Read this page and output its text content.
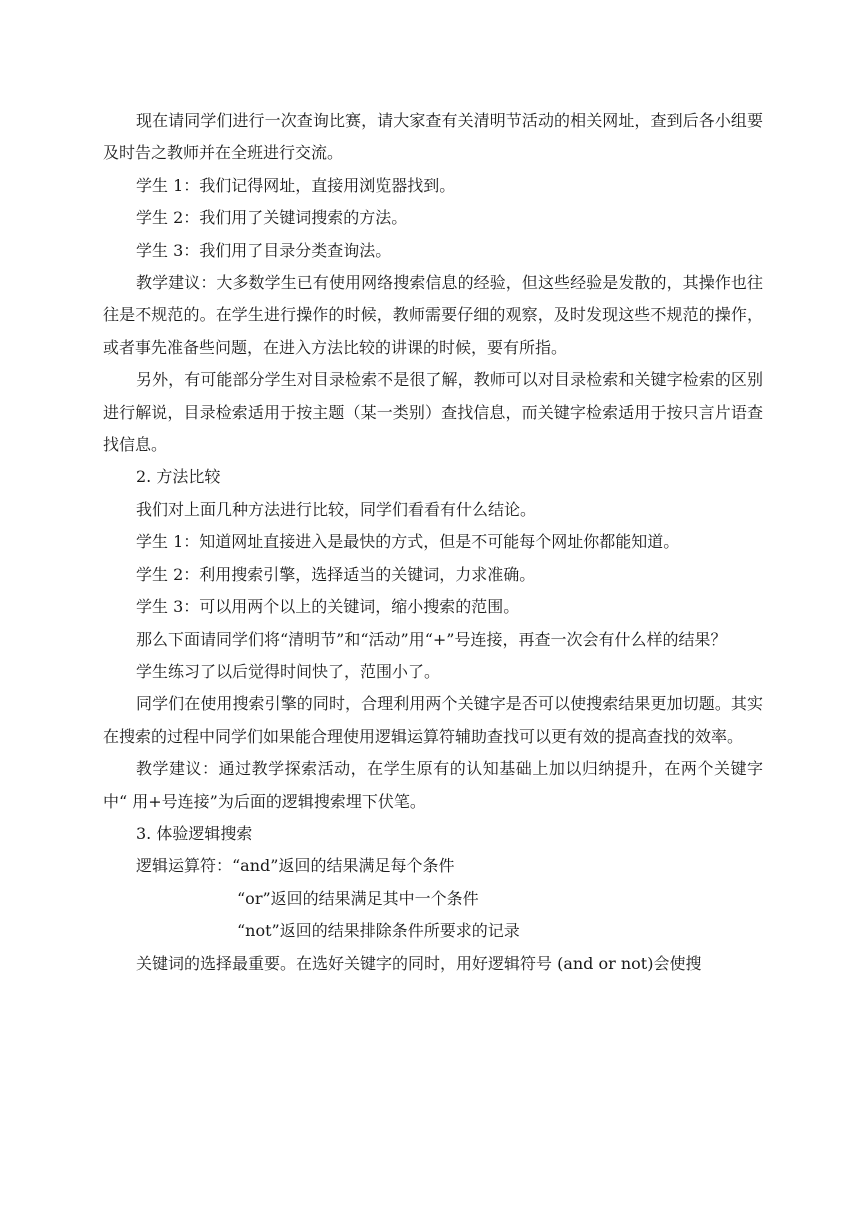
现在请同学们进行一次查询比赛，请大家查有关清明节活动的相关网址，查到后各小组要及时告之教师并在全班进行交流。

学生 1：我们记得网址，直接用浏览器找到。

学生 2：我们用了关键词搜索的方法。

学生 3：我们用了目录分类查询法。

教学建议：大多数学生已有使用网络搜索信息的经验，但这些经验是发散的，其操作也往往是不规范的。在学生进行操作的时候，教师需要仔细的观察，及时发现这些不规范的操作，或者事先准备些问题，在进入方法比较的讲课的时候，要有所指。

另外，有可能部分学生对目录检索不是很了解，教师可以对目录检索和关键字检索的区别进行解说，目录检索适用于按主题（某一类别）查找信息，而关键字检索适用于按只言片语查找信息。

2. 方法比较

我们对上面几种方法进行比较，同学们看看有什么结论。

学生 1：知道网址直接进入是最快的方式，但是不可能每个网址你都能知道。

学生 2：利用搜索引擎，选择适当的关键词，力求准确。

学生 3：可以用两个以上的关键词，缩小搜索的范围。

那么下面请同学们将“清明节”和“活动”用“+”号连接，再查一次会有什么样的结果？

学生练习了以后觉得时间快了，范围小了。

同学们在使用搜索引擎的同时，合理利用两个关键字是否可以使搜索结果更加切题。其实在搜索的过程中同学们如果能合理使用逻辑运算符辅助查找可以更有效的提高查找的效率。

教学建议：通过教学探索活动，在学生原有的认知基础上加以归纳提升，在两个关键字中“ 用+号连接”为后面的逻辑搜索埋下伏笔。

3. 体验逻辑搜索

逻辑运算符：“and”返回的结果满足每个条件

“or”返回的结果满足其中一个条件

“not”返回的结果排除条件所要求的记录

关键词的选择最重要。在选好关键字的同时，用好逻辑符号 (and or not)会使搜
